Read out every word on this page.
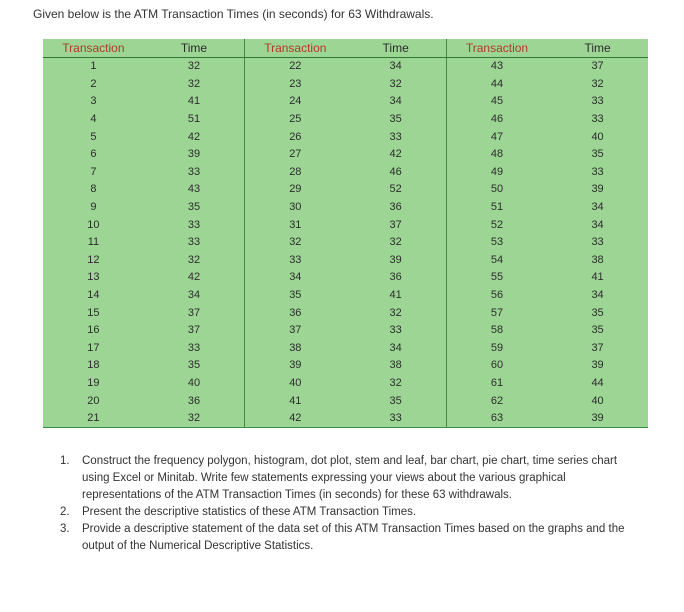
Given below is the ATM Transaction Times (in seconds) for 63 Withdrawals.
Transaction	Time	Transaction	Time	Transaction	Time
1	32	22	34	43	37
2	32	23	32	44	32
3	41	24	34	45	33
4	51	25	35	46	33
5	42	26	33	47	40
6	39	27	42	48	35
7	33	28	46	49	33
8	43	29	52	50	39
9	35	30	36	51	34
10	33	31	37	52	34
11	33	32	32	53	33
12	32	33	39	54	38
13	42	34	36	55	41
14	34	35	41	56	34
15	37	36	32	57	35
16	37	37	33	58	35
17	33	38	34	59	37
18	35	39	38	60	39
19	40	40	32	61	44
20	36	41	35	62	40
21	32	42	33	63	39
1.	Construct the frequency polygon, histogram, dot plot, stem and leaf, bar chart, pie chart, time series chart using Excel or Minitab. Write few statements expressing your views about the various graphical representations of the ATM Transaction Times (in seconds) for these 63 withdrawals.
2.	Present the descriptive statistics of these ATM Transaction Times.
3.	Provide a descriptive statement of the data set of this ATM Transaction Times based on the graphs and the output of the Numerical Descriptive Statistics.
